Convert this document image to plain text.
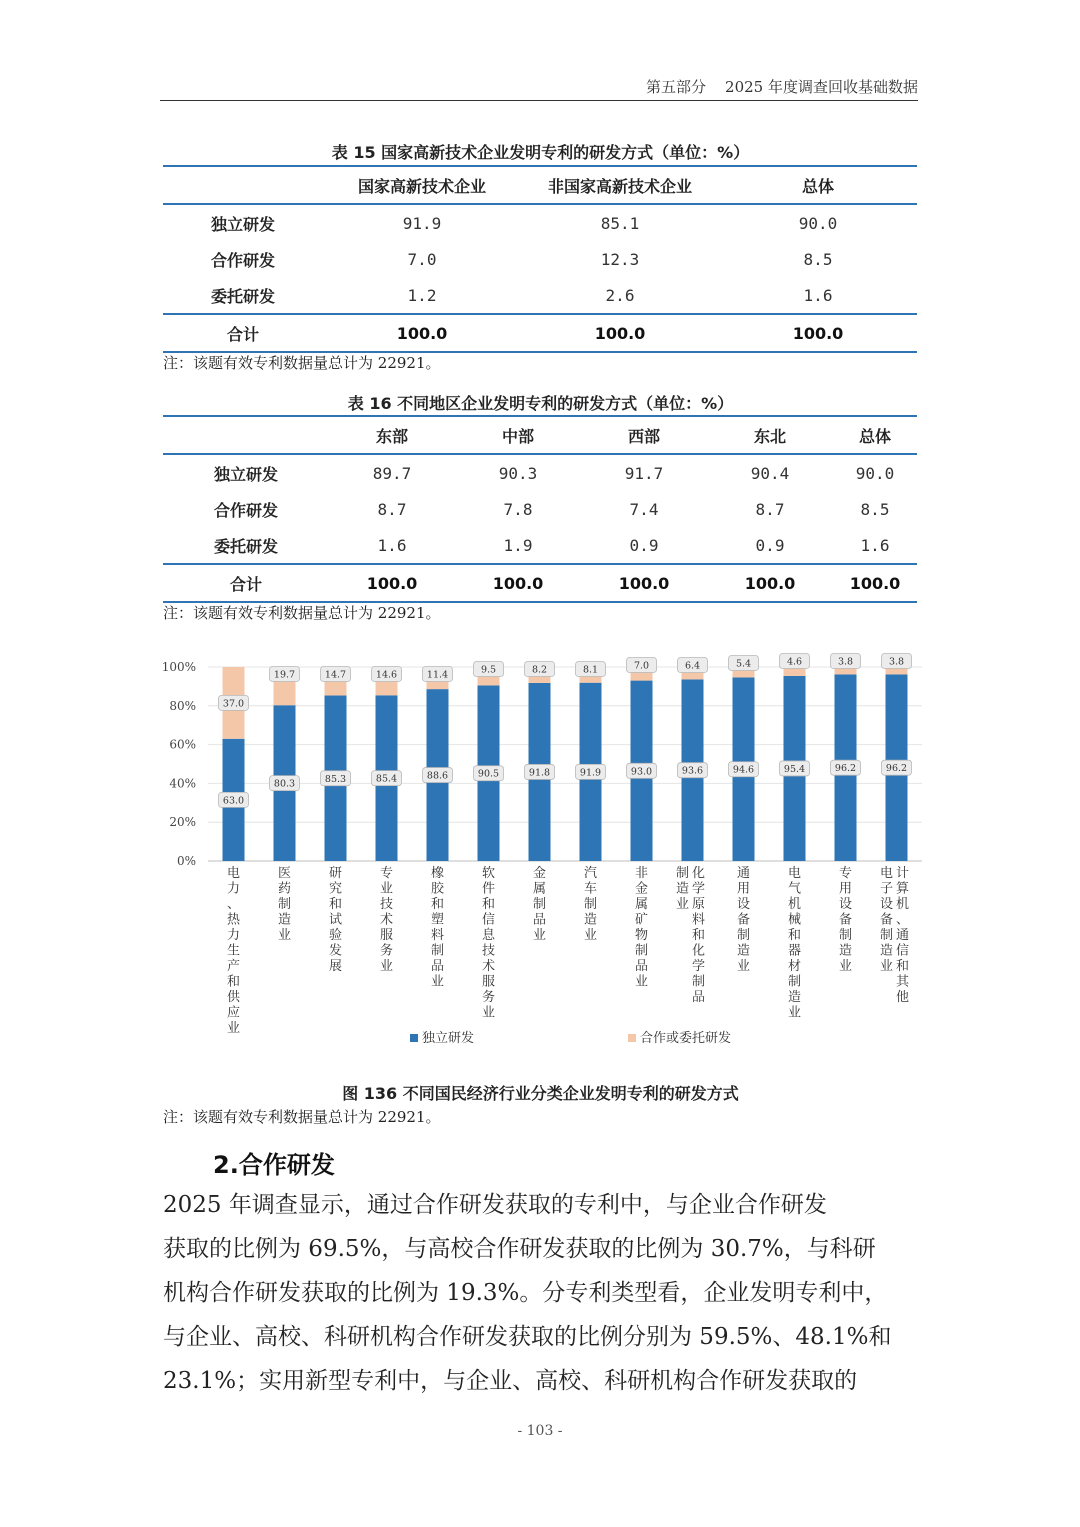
第五部分 2025 年度调查回收基础数据
表 15 国家高新技术企业发明专利的研发方式（单位：%）
	国家高新技术企业	非国家高新技术企业	总体
独立研发	91.9	85.1	90.0
合作研发	7.0	12.3	8.5
委托研发	1.2	2.6	1.6
合计	100.0	100.0	100.0
注：该题有效专利数据量总计为 22921。
表 16 不同地区企业发明专利的研发方式（单位：%）
	东部	中部	西部	东北	总体
独立研发	89.7	90.3	91.7	90.4	90.0
合作研发	8.7	7.8	7.4	8.7	8.5
委托研发	1.6	1.9	0.9	0.9	1.6
合计	100.0	100.0	100.0	100.0	100.0
注：该题有效专利数据量总计为 22921。
0%
20%
40%
60%
80%
100%
63.0
37.0
电
力
、
热
力
生
产
和
供
应
业
80.3
19.7
医
药
制
造
业
85.3
14.7
研
究
和
试
验
发
展
85.4
14.6
专
业
技
术
服
务
业
88.6
11.4
橡
胶
和
塑
料
制
品
业
90.5
9.5
软
件
和
信
息
技
术
服
务
业
91.8
8.2
金
属
制
品
业
91.9
8.1
汽
车
制
造
业
93.0
7.0
非
金
属
矿
物
制
品
业
93.6
6.4
化
学
原
料
和
化
学
制
品
制
造
业
94.6
5.4
通
用
设
备
制
造
业
95.4
4.6
电
气
机
械
和
器
材
制
造
业
96.2
3.8
专
用
设
备
制
造
业
96.2
3.8
计
算
机
、
通
信
和
其
他
电
子
设
备
制
造
业
独立研发	合作或委托研发
图 136 不同国民经济行业分类企业发明专利的研发方式
注：该题有效专利数据量总计为 22921。
2.合作研发
2025 年调查显示，通过合作研发获取的专利中，与企业合作研发
获取的比例为 69.5%，与高校合作研发获取的比例为 30.7%，与科研
机构合作研发获取的比例为 19.3%。分专利类型看，企业发明专利中，
与企业、高校、科研机构合作研发获取的比例分别为 59.5%、48.1%和
23.1%；实用新型专利中，与企业、高校、科研机构合作研发获取的
- 103 -
